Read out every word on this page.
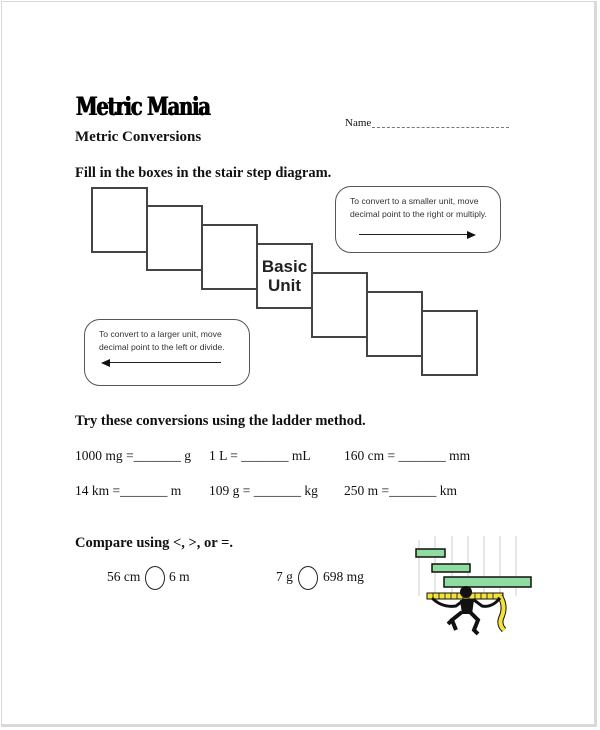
Metric Mania
Metric Conversions
Name
Fill in the boxes in the stair step diagram.
Basic
Unit
To convert to a smaller unit, move
decimal point to the right or multiply.
To convert to a larger unit, move
decimal point to the left or divide.
Try these conversions using the ladder method.
1000 mg =_______ g 1 L = _______ mL 160 cm = _______ mm
14 km =_______ m 109 g = _______ kg 250 m =_______ km
Compare using <, >, or =.
56 cm 6 m	7 g 698 mg
